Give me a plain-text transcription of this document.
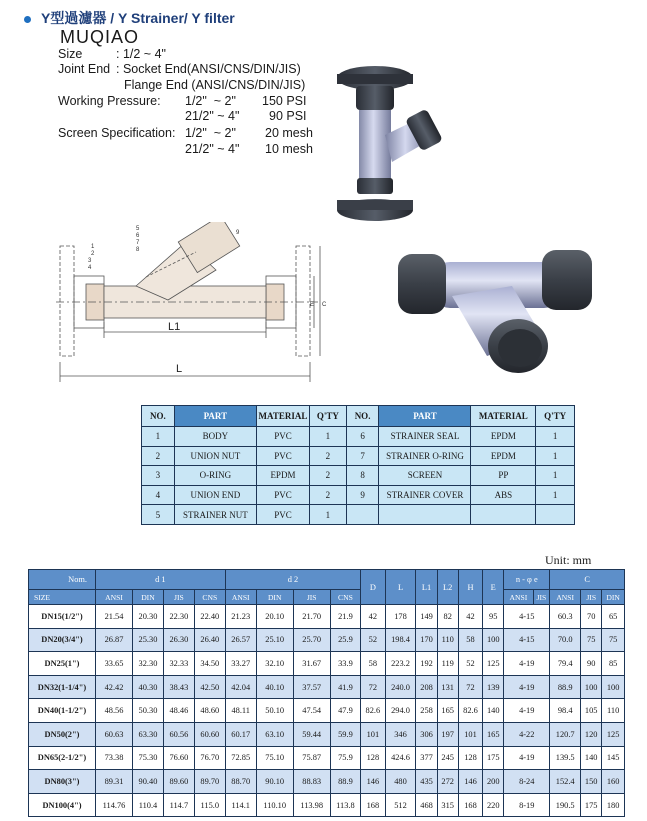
Y型過濾器 / Y Strainer/ Y filter
MUQIAO
Size	: 1/2 ~ 4"
Joint End : Socket End(ANSI/CNS/DIN/JIS)
Flange End (ANSI/CNS/DIN/JIS)
Working Pressure: 1/2"  ~ 2" 150 PSI
21/2" ~ 4" 90 PSI
Screen Specification: 1/2"  ~ 2" 20 mesh
21/2" ~ 4" 10 mesh
1
2
3
4
5
6
7
8
9
E C
L1
L
NO.	PART	MATERIAL	Q'TY	NO.	PART	MATERIAL	Q'TY
1	BODY	PVC	1	6	STRAINER SEAL	EPDM	1
2	UNION NUT	PVC	2	7	STRAINER O-RING	EPDM	1
3	O-RING	EPDM	2	8	SCREEN	PP	1
4	UNION END	PVC	2	9	STRAINER COVER	ABS	1
5	STRAINER NUT	PVC	1				
Unit: mm
Nom.	d 1				d 2				D	L	L1	L2	H	E	n - φ e		C		
SIZE	ANSI	DIN	JIS	CNS	ANSI	DIN	JIS	CNS							ANSI	JIS	ANSI	JIS	DIN
DN15(1/2")	21.54	20.30	22.30	22.40	21.23	20.10	21.70	21.9	42	178	149	82	42	95	4-15		60.3	70	65
DN20(3/4")	26.87	25.30	26.30	26.40	26.57	25.10	25.70	25.9	52	198.4	170	110	58	100	4-15		70.0	75	75
DN25(1")	33.65	32.30	32.33	34.50	33.27	32.10	31.67	33.9	58	223.2	192	119	52	125	4-19		79.4	90	85
DN32(1-1/4")	42.42	40.30	38.43	42.50	42.04	40.10	37.57	41.9	72	240.0	208	131	72	139	4-19		88.9	100	100
DN40(1-1/2")	48.56	50.30	48.46	48.60	48.11	50.10	47.54	47.9	82.6	294.0	258	165	82.6	140	4-19		98.4	105	110
DN50(2")	60.63	63.30	60.56	60.60	60.17	63.10	59.44	59.9	101	346	306	197	101	165	4-22		120.7	120	125
DN65(2-1/2")	73.38	75.30	76.60	76.70	72.85	75.10	75.87	75.9	128	424.6	377	245	128	175	4-19		139.5	140	145
DN80(3")	89.31	90.40	89.60	89.70	88.70	90.10	88.83	88.9	146	480	435	272	146	200	8-24		152.4	150	160
DN100(4")	114.76	110.4	114.7	115.0	114.1	110.10	113.98	113.8	168	512	468	315	168	220	8-19		190.5	175	180
